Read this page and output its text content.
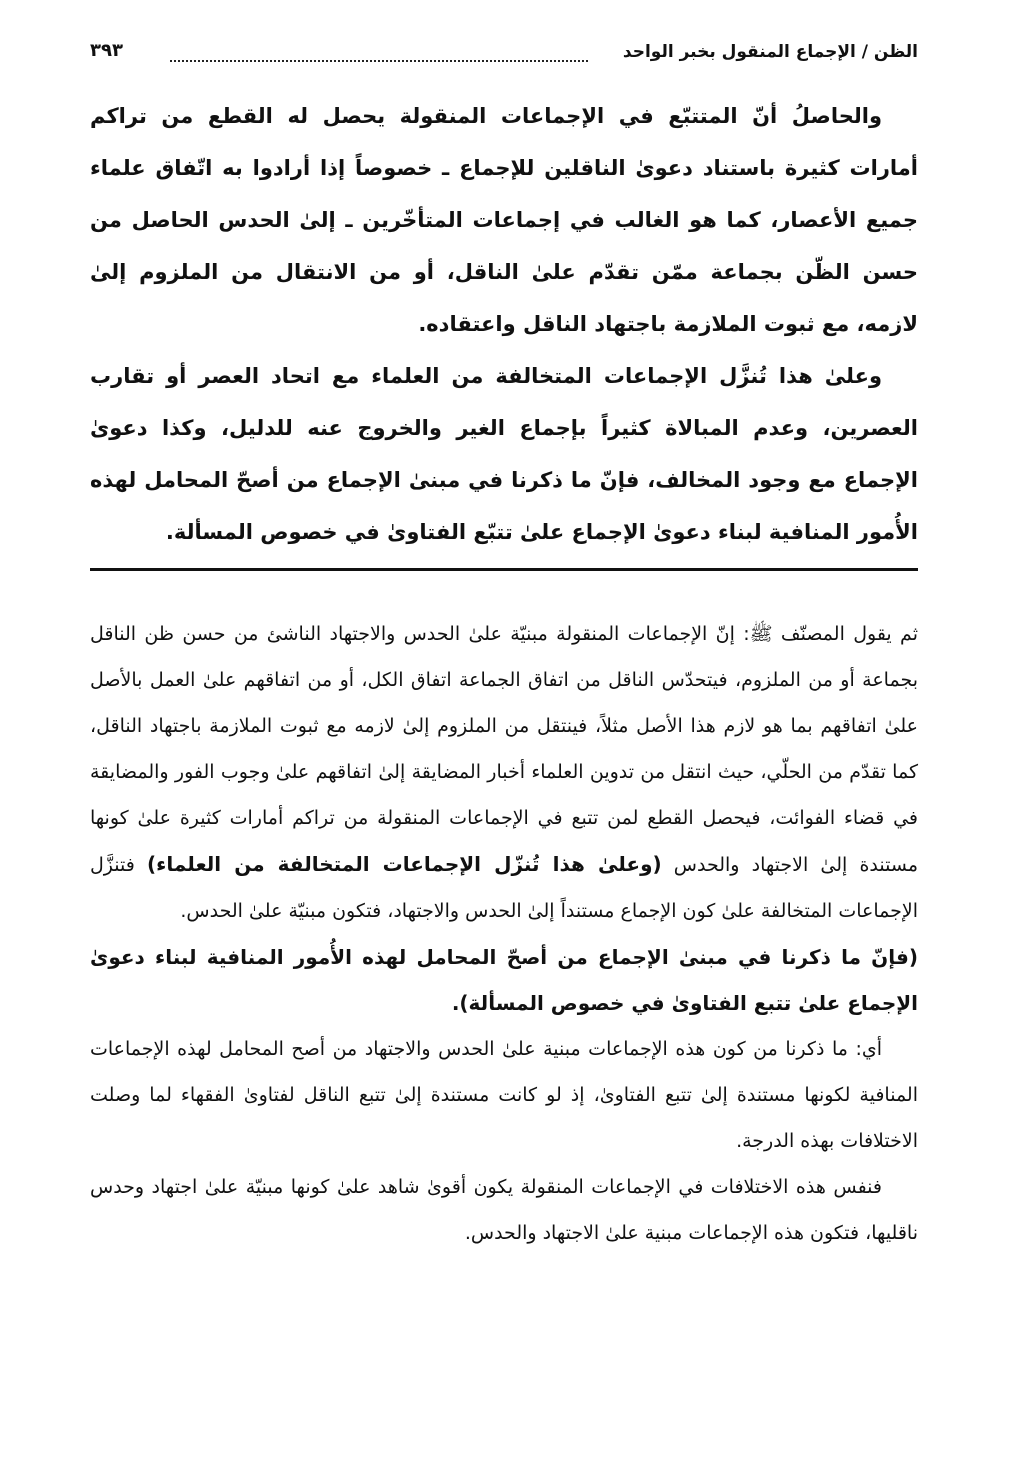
الظن / الإجماع المنقول بخبر الواحد
٣٩٣

والحاصلُ أنّ المتتبّع في الإجماعات المنقولة يحصل له القطع من تراكم أمارات كثيرة باستناد دعوىٰ الناقلين للإجماع ـ خصوصاً إذا أرادوا به اتّفاق علماء جميع الأعصار، كما هو الغالب في إجماعات المتأخّرين ـ إلىٰ الحدس الحاصل من حسن الظّن بجماعة ممّن تقدّم علىٰ الناقل، أو من الانتقال من الملزوم إلىٰ لازمه، مع ثبوت الملازمة باجتهاد الناقل واعتقاده.

وعلىٰ هذا تُنزَّل الإجماعات المتخالفة من العلماء مع اتحاد العصر أو تقارب العصرين، وعدم المبالاة كثيراً بإجماع الغير والخروج عنه للدليل، وكذا دعوىٰ الإجماع مع وجود المخالف، فإنّ ما ذكرنا في مبنىٰ الإجماع من أصحّ المحامل لهذه الأُمور المنافية لبناء دعوىٰ الإجماع علىٰ تتبّع الفتاوىٰ في خصوص المسألة.

ثم يقول المصنّف ﷺ: إنّ الإجماعات المنقولة مبنيّة علىٰ الحدس والاجتهاد الناشئ من حسن ظن الناقل بجماعة أو من الملزوم، فيتحدّس الناقل من اتفاق الجماعة اتفاق الكل، أو من اتفاقهم علىٰ العمل بالأصل علىٰ اتفاقهم بما هو لازم هذا الأصل مثلاً، فينتقل من الملزوم إلىٰ لازمه مع ثبوت الملازمة باجتهاد الناقل، كما تقدّم من الحلّي، حيث انتقل من تدوين العلماء أخبار المضايقة إلىٰ اتفاقهم علىٰ وجوب الفور والمضايقة في قضاء الفوائت، فيحصل القطع لمن تتبع في الإجماعات المنقولة من تراكم أمارات كثيرة علىٰ كونها مستندة إلىٰ الاجتهاد والحدس (وعلىٰ هذا تُنزّل الإجماعات المتخالفة من العلماء) فتنزَّل الإجماعات المتخالفة علىٰ كون الإجماع مستنداً إلىٰ الحدس والاجتهاد، فتكون مبنيّة علىٰ الحدس.

(فإنّ ما ذكرنا في مبنىٰ الإجماع من أصحّ المحامل لهذه الأُمور المنافية لبناء دعوىٰ الإجماع علىٰ تتبع الفتاوىٰ في خصوص المسألة).

أي: ما ذكرنا من كون هذه الإجماعات مبنية علىٰ الحدس والاجتهاد من أصح المحامل لهذه الإجماعات المنافية لكونها مستندة إلىٰ تتبع الفتاوىٰ، إذ لو كانت مستندة إلىٰ تتبع الناقل لفتاوىٰ الفقهاء لما وصلت الاختلافات بهذه الدرجة.

فنفس هذه الاختلافات في الإجماعات المنقولة يكون أقوىٰ شاهد علىٰ كونها مبنيّة علىٰ اجتهاد وحدس ناقليها، فتكون هذه الإجماعات مبنية علىٰ الاجتهاد والحدس.
